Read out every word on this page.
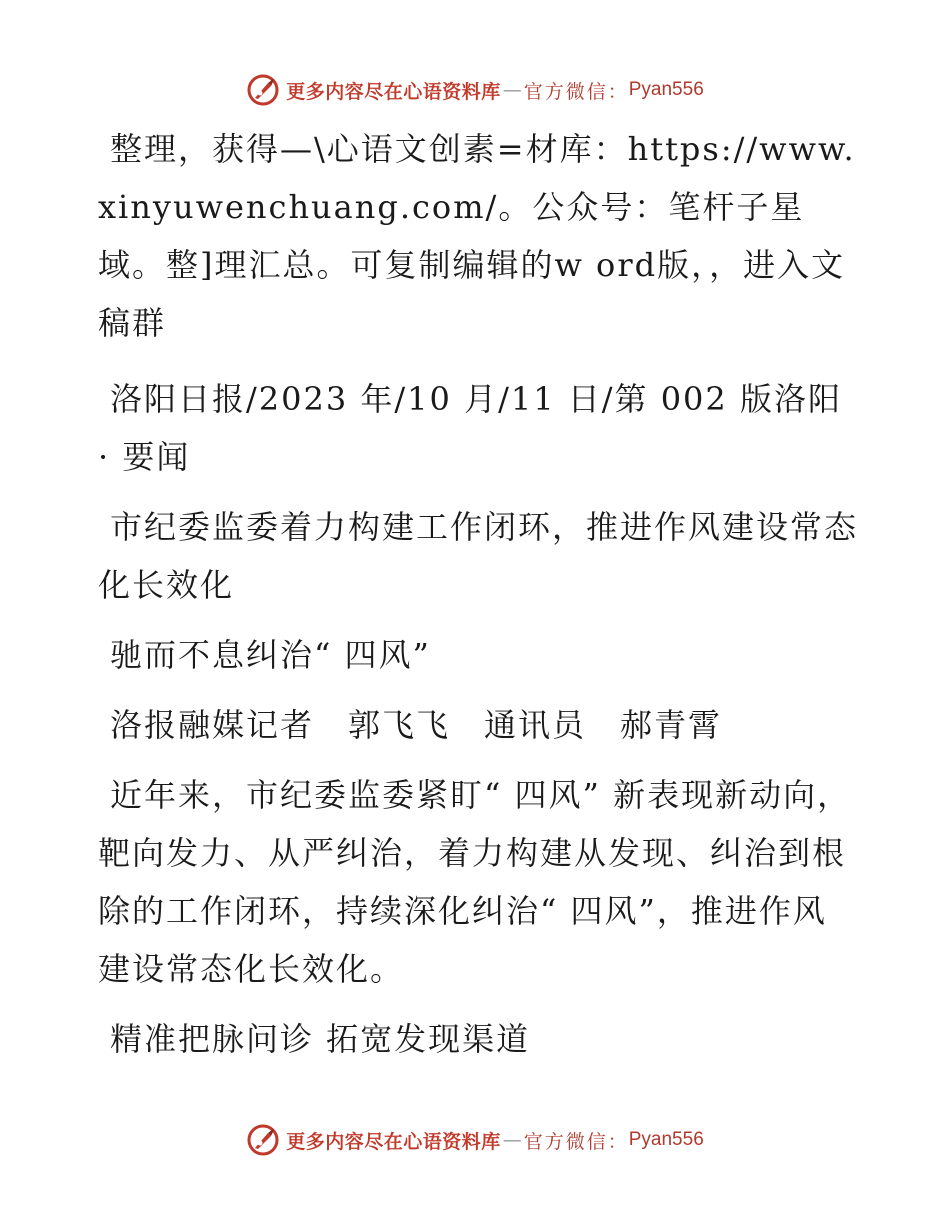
更多内容尽在心语资料库 — 官方微信： Pyan556

整理，获得—\心语文创素=材库：https://www.xinyuwenchuang.com/。公众号：笔杆子星域。整]理汇总。可复制编辑的w ord版，，进入文稿群

洛阳日报/2023 年/10 月/11 日/第 002 版洛阳 · 要闻

市纪委监委着力构建工作闭环，推进作风建设常态化长效化

驰而不息纠治“ 四风”

洛报融媒记者　郭飞飞　通讯员　郝青霄

近年来，市纪委监委紧盯“ 四风” 新表现新动向，靶向发力、从严纠治，着力构建从发现、纠治到根除的工作闭环，持续深化纠治“ 四风”，推进作风建设常态化长效化。

精准把脉问诊 拓宽发现渠道

更多内容尽在心语资料库 — 官方微信： Pyan556
